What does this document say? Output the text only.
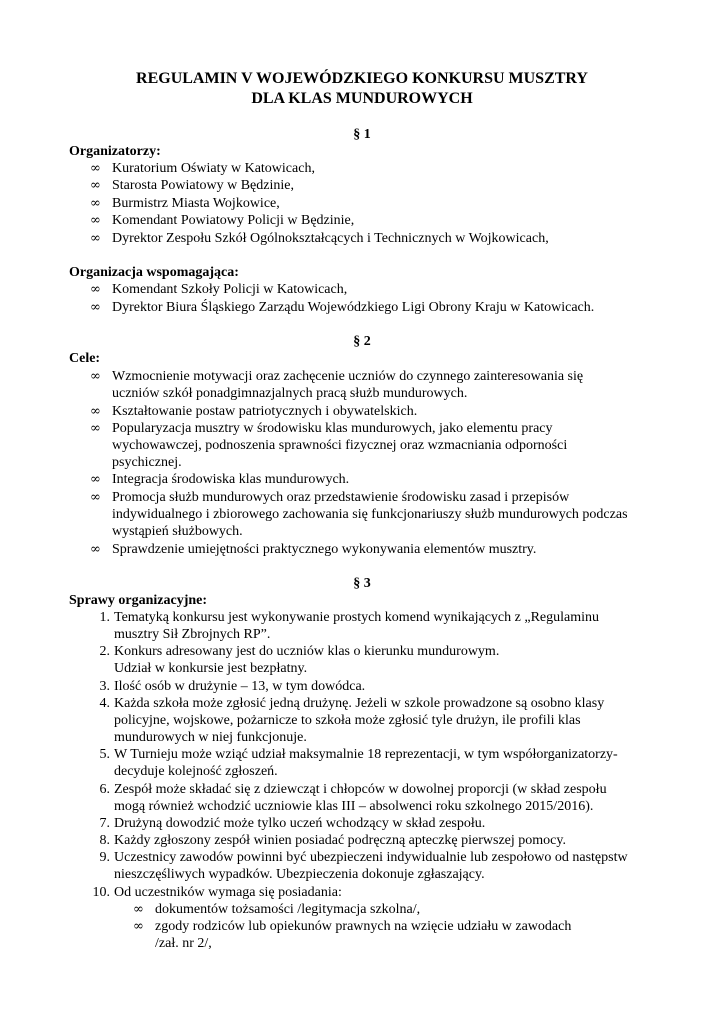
REGULAMIN V WOJEWÓDZKIEGO KONKURSU MUSZTRY
DLA KLAS MUNDUROWYCH
§ 1
Organizatorzy:
∞ Kuratorium Oświaty w Katowicach,
∞ Starosta Powiatowy w Będzinie,
∞ Burmistrz Miasta Wojkowice,
∞ Komendant Powiatowy Policji w Będzinie,
∞ Dyrektor Zespołu Szkół Ogólnokształcących i Technicznych w Wojkowicach,
Organizacja wspomagająca:
∞ Komendant Szkoły Policji w Katowicach,
∞ Dyrektor Biura Śląskiego Zarządu Wojewódzkiego Ligi Obrony Kraju w Katowicach.
§ 2
Cele:
∞ Wzmocnienie motywacji oraz zachęcenie uczniów do czynnego zainteresowania się
uczniów szkół ponadgimnazjalnych pracą służb mundurowych.
∞ Kształtowanie postaw patriotycznych i obywatelskich.
∞ Popularyzacja musztry w środowisku klas mundurowych, jako elementu pracy
wychowawczej, podnoszenia sprawności fizycznej oraz wzmacniania odporności
psychicznej.
∞ Integracja środowiska klas mundurowych.
∞ Promocja służb mundurowych oraz przedstawienie środowisku zasad i przepisów
indywidualnego i zbiorowego zachowania się funkcjonariuszy służb mundurowych podczas
wystąpień służbowych.
∞ Sprawdzenie umiejętności praktycznego wykonywania elementów musztry.
§ 3
Sprawy organizacyjne:
1. Tematyką konkursu jest wykonywanie prostych komend wynikających z „Regulaminu
musztry Sił Zbrojnych RP”.
2. Konkurs adresowany jest do uczniów klas o kierunku mundurowym.
Udział w konkursie jest bezpłatny.
3. Ilość osób w drużynie – 13, w tym dowódca.
4. Każda szkoła może zgłosić jedną drużynę. Jeżeli w szkole prowadzone są osobno klasy
policyjne, wojskowe, pożarnicze to szkoła może zgłosić tyle drużyn, ile profili klas
mundurowych w niej funkcjonuje.
5. W Turnieju może wziąć udział maksymalnie 18 reprezentacji, w tym współorganizatorzy-
decyduje kolejność zgłoszeń.
6. Zespół może składać się z dziewcząt i chłopców w dowolnej proporcji (w skład zespołu
mogą również wchodzić uczniowie klas III – absolwenci roku szkolnego 2015/2016).
7. Drużyną dowodzić może tylko uczeń wchodzący w skład zespołu.
8. Każdy zgłoszony zespół winien posiadać podręczną apteczkę pierwszej pomocy.
9. Uczestnicy zawodów powinni być ubezpieczeni indywidualnie lub zespołowo od następstw
nieszczęśliwych wypadków. Ubezpieczenia dokonuje zgłaszający.
10. Od uczestników wymaga się posiadania:
∞ dokumentów tożsamości /legitymacja szkolna/,
∞ zgody rodziców lub opiekunów prawnych na wzięcie udziału w zawodach
/zał. nr 2/,
